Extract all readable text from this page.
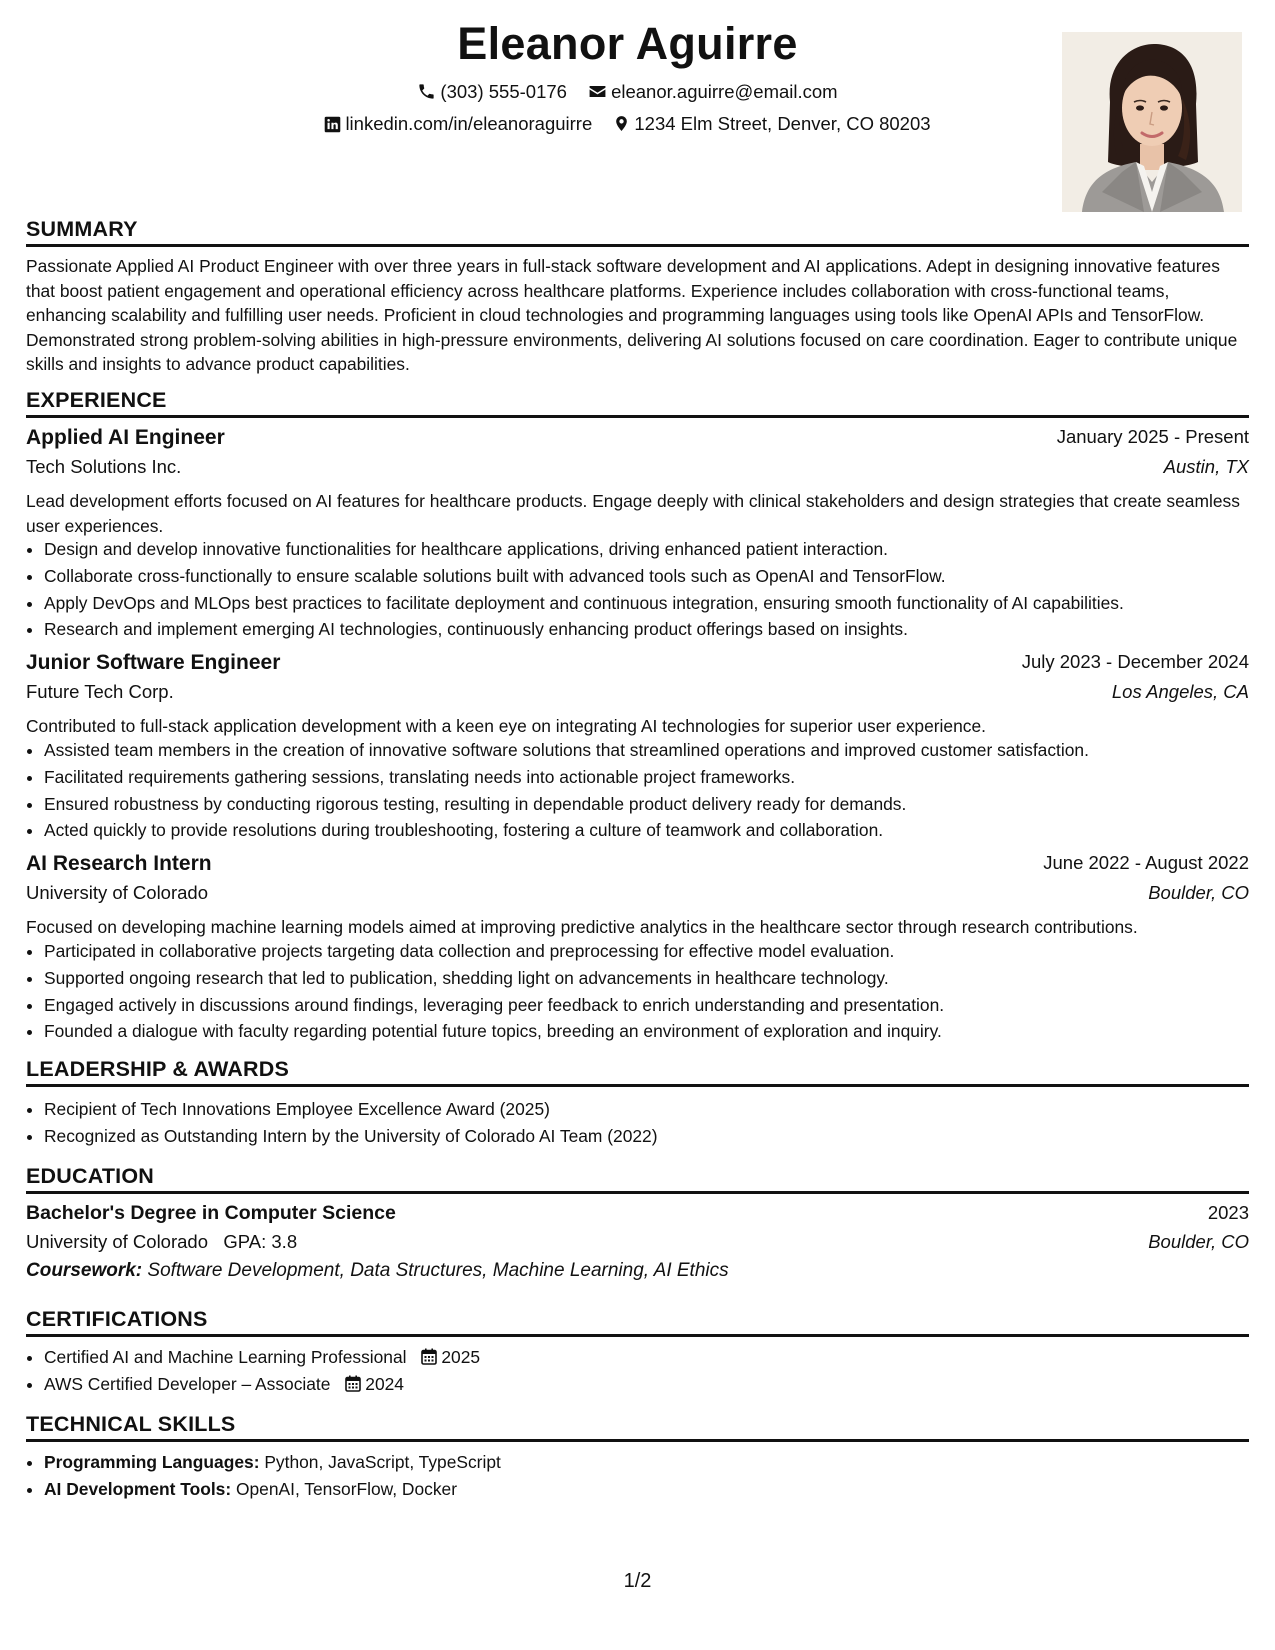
Eleanor Aguirre
(303) 555-0176 eleanor.aguirre@email.com
linkedin.com/in/eleanoraguirre 1234 Elm Street, Denver, CO 80203
SUMMARY
Passionate Applied AI Product Engineer with over three years in full-stack software development and AI applications. Adept in designing innovative features that boost patient engagement and operational efficiency across healthcare platforms. Experience includes collaboration with cross-functional teams, enhancing scalability and fulfilling user needs. Proficient in cloud technologies and programming languages using tools like OpenAI APIs and TensorFlow. Demonstrated strong problem-solving abilities in high-pressure environments, delivering AI solutions focused on care coordination. Eager to contribute unique skills and insights to advance product capabilities.
EXPERIENCE
Applied AI Engineer	January 2025 - Present
Tech Solutions Inc.	Austin, TX
Lead development efforts focused on AI features for healthcare products. Engage deeply with clinical stakeholders and design strategies that create seamless user experiences.
• Design and develop innovative functionalities for healthcare applications, driving enhanced patient interaction.
• Collaborate cross-functionally to ensure scalable solutions built with advanced tools such as OpenAI and TensorFlow.
• Apply DevOps and MLOps best practices to facilitate deployment and continuous integration, ensuring smooth functionality of AI capabilities.
• Research and implement emerging AI technologies, continuously enhancing product offerings based on insights.
Junior Software Engineer	July 2023 - December 2024
Future Tech Corp.	Los Angeles, CA
Contributed to full-stack application development with a keen eye on integrating AI technologies for superior user experience.
• Assisted team members in the creation of innovative software solutions that streamlined operations and improved customer satisfaction.
• Facilitated requirements gathering sessions, translating needs into actionable project frameworks.
• Ensured robustness by conducting rigorous testing, resulting in dependable product delivery ready for demands.
• Acted quickly to provide resolutions during troubleshooting, fostering a culture of teamwork and collaboration.
AI Research Intern	June 2022 - August 2022
University of Colorado	Boulder, CO
Focused on developing machine learning models aimed at improving predictive analytics in the healthcare sector through research contributions.
• Participated in collaborative projects targeting data collection and preprocessing for effective model evaluation.
• Supported ongoing research that led to publication, shedding light on advancements in healthcare technology.
• Engaged actively in discussions around findings, leveraging peer feedback to enrich understanding and presentation.
• Founded a dialogue with faculty regarding potential future topics, breeding an environment of exploration and inquiry.
LEADERSHIP & AWARDS
• Recipient of Tech Innovations Employee Excellence Award (2025)
• Recognized as Outstanding Intern by the University of Colorado AI Team (2022)
EDUCATION
Bachelor's Degree in Computer Science	2023
University of Colorado GPA: 3.8	Boulder, CO
Coursework: Software Development, Data Structures, Machine Learning, AI Ethics
CERTIFICATIONS
• Certified AI and Machine Learning Professional 2025
• AWS Certified Developer – Associate 2024
TECHNICAL SKILLS
• Programming Languages: Python, JavaScript, TypeScript
• AI Development Tools: OpenAI, TensorFlow, Docker
1/2
